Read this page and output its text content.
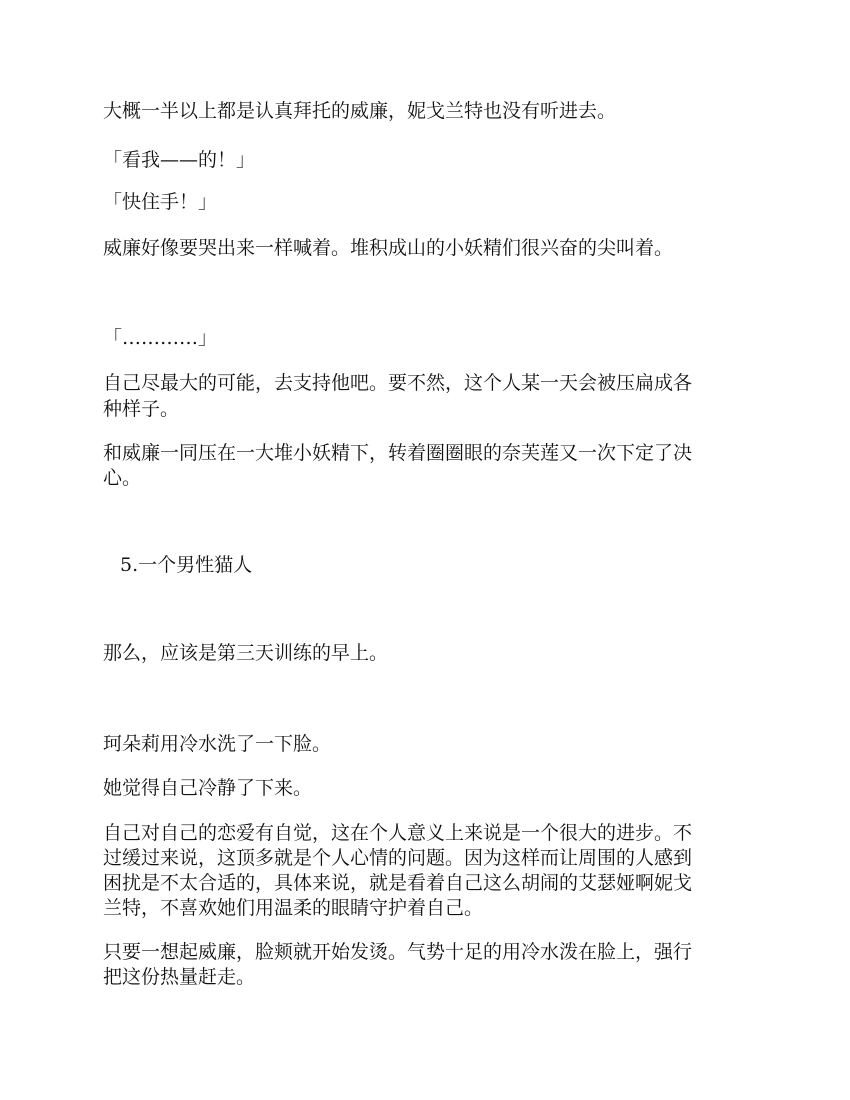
大概一半以上都是认真拜托的威廉，妮戈兰特也没有听进去。

「看我——的！」

「快住手！」

威廉好像要哭出来一样喊着。堆积成山的小妖精们很兴奋的尖叫着。

「…………」

自己尽最大的可能，去支持他吧。要不然，这个人某一天会被压扁成各

种样子。

和威廉一同压在一大堆小妖精下，转着圈圈眼的奈芙莲又一次下定了决

心。

5.一个男性猫人

那么，应该是第三天训练的早上。

珂朵莉用冷水洗了一下脸。

她觉得自己冷静了下来。

自己对自己的恋爱有自觉，这在个人意义上来说是一个很大的进步。不

过缓过来说，这顶多就是个人心情的问题。因为这样而让周围的人感到

困扰是不太合适的，具体来说，就是看着自己这么胡闹的艾瑟娅啊妮戈

兰特，不喜欢她们用温柔的眼睛守护着自己。

只要一想起威廉，脸颊就开始发烫。气势十足的用冷水泼在脸上，强行

把这份热量赶走。
